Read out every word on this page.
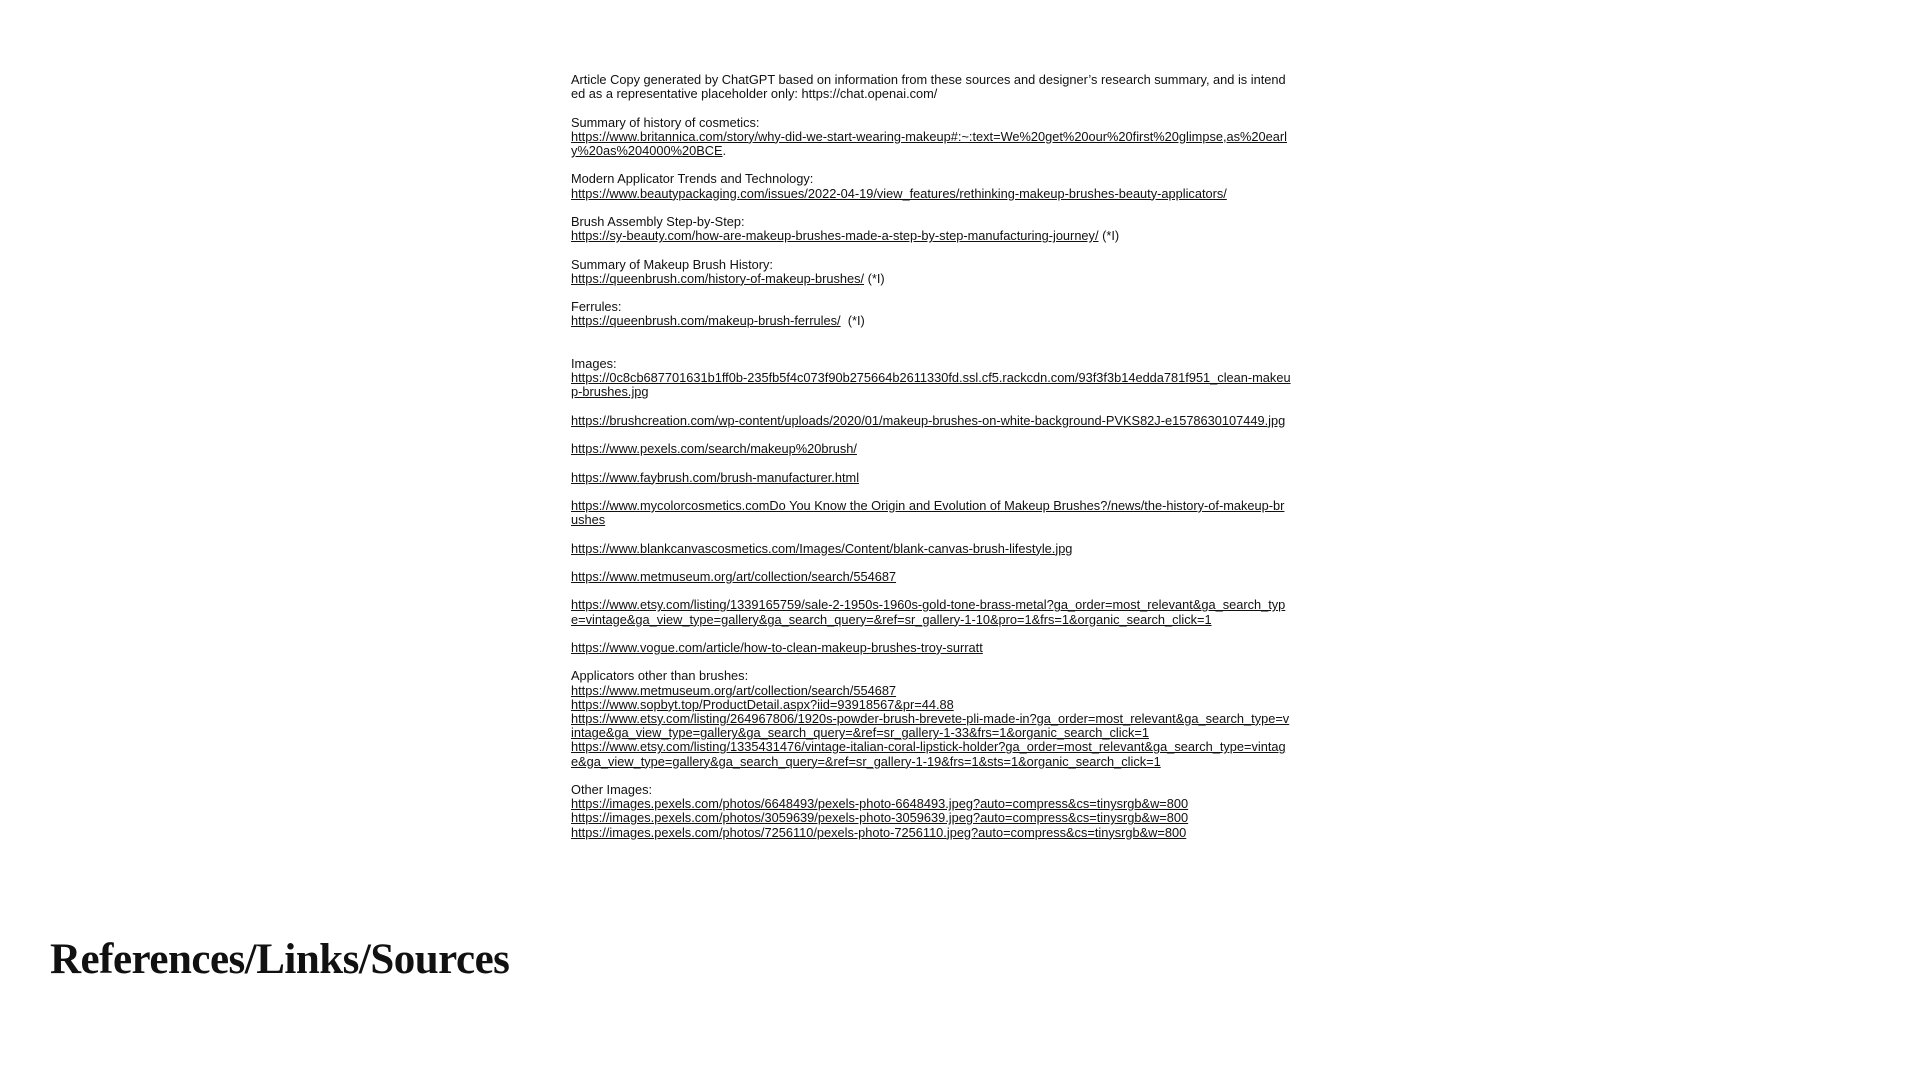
Article Copy generated by ChatGPT based on information from these sources and designer’s research summary, and is intended as a representative placeholder only: https://chat.openai.com/
Summary of history of cosmetics:
https://www.britannica.com/story/why-did-we-start-wearing-makeup#:~:text=We%20get%20our%20first%20glimpse,as%20early%20as%204000%20BCE.
Modern Applicator Trends and Technology:
https://www.beautypackaging.com/issues/2022-04-19/view_features/rethinking-makeup-brushes-beauty-applicators/
Brush Assembly Step-by-Step:
https://sy-beauty.com/how-are-makeup-brushes-made-a-step-by-step-manufacturing-journey/ (*I)
Summary of Makeup Brush History:
https://queenbrush.com/history-of-makeup-brushes/ (*I)
Ferrules:
https://queenbrush.com/makeup-brush-ferrules/  (*I)
Images:
https://0c8cb687701631b1ff0b-235fb5f4c073f90b275664b2611330fd.ssl.cf5.rackcdn.com/93f3f3b14edda781f951_clean-makeup-brushes.jpg
https://brushcreation.com/wp-content/uploads/2020/01/makeup-brushes-on-white-background-PVKS82J-e1578630107449.jpg
https://www.pexels.com/search/makeup%20brush/
https://www.faybrush.com/brush-manufacturer.html
https://www.mycolorcosmetics.comDo You Know the Origin and Evolution of Makeup Brushes?/news/the-history-of-makeup-brushes
https://www.blankcanvascosmetics.com/Images/Content/blank-canvas-brush-lifestyle.jpg
https://www.metmuseum.org/art/collection/search/554687
https://www.etsy.com/listing/1339165759/sale-2-1950s-1960s-gold-tone-brass-metal?ga_order=most_relevant&ga_search_type=vintage&ga_view_type=gallery&ga_search_query=&ref=sr_gallery-1-10&pro=1&frs=1&organic_search_click=1
https://www.vogue.com/article/how-to-clean-makeup-brushes-troy-surratt
Applicators other than brushes:
https://www.metmuseum.org/art/collection/search/554687
https://www.sopbyt.top/ProductDetail.aspx?iid=93918567&pr=44.88
https://www.etsy.com/listing/264967806/1920s-powder-brush-brevete-pli-made-in?ga_order=most_relevant&ga_search_type=vintage&ga_view_type=gallery&ga_search_query=&ref=sr_gallery-1-33&frs=1&organic_search_click=1
https://www.etsy.com/listing/1335431476/vintage-italian-coral-lipstick-holder?ga_order=most_relevant&ga_search_type=vintage&ga_view_type=gallery&ga_search_query=&ref=sr_gallery-1-19&frs=1&sts=1&organic_search_click=1
Other Images:
https://images.pexels.com/photos/6648493/pexels-photo-6648493.jpeg?auto=compress&cs=tinysrgb&w=800
https://images.pexels.com/photos/3059639/pexels-photo-3059639.jpeg?auto=compress&cs=tinysrgb&w=800
https://images.pexels.com/photos/7256110/pexels-photo-7256110.jpeg?auto=compress&cs=tinysrgb&w=800
References/Links/Sources
